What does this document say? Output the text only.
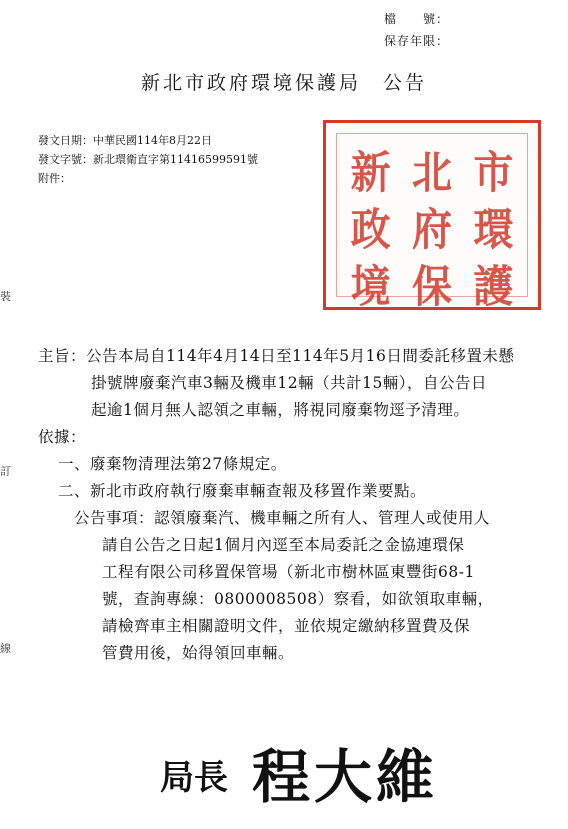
檔　　號：
保存年限：
新北市政府環境保護局　公告
發文日期：中華民國114年8月22日
發文字號：新北環衛直字第11416599591號
附件：	新 北 市
政 府 環
境 保 護
裝
訂
線
主旨：公告本局自114年4月14日至114年5月16日間委託移置未懸
掛號牌廢棄汽車3輛及機車12輛（共計15輛），自公告日
起逾1個月無人認領之車輛，將視同廢棄物逕予清理。
依據：
一、廢棄物清理法第27條規定。
二、新北市政府執行廢棄車輛查報及移置作業要點。
公告事項：認領廢棄汽、機車輛之所有人、管理人或使用人
請自公告之日起1個月內逕至本局委託之金協連環保
工程有限公司移置保管場（新北市樹林區東豐街68-1
號，查詢專線：0800008508）察看，如欲領取車輛，
請檢齊車主相關證明文件，並依規定繳納移置費及保
管費用後，始得領回車輛。
局長 程大維
